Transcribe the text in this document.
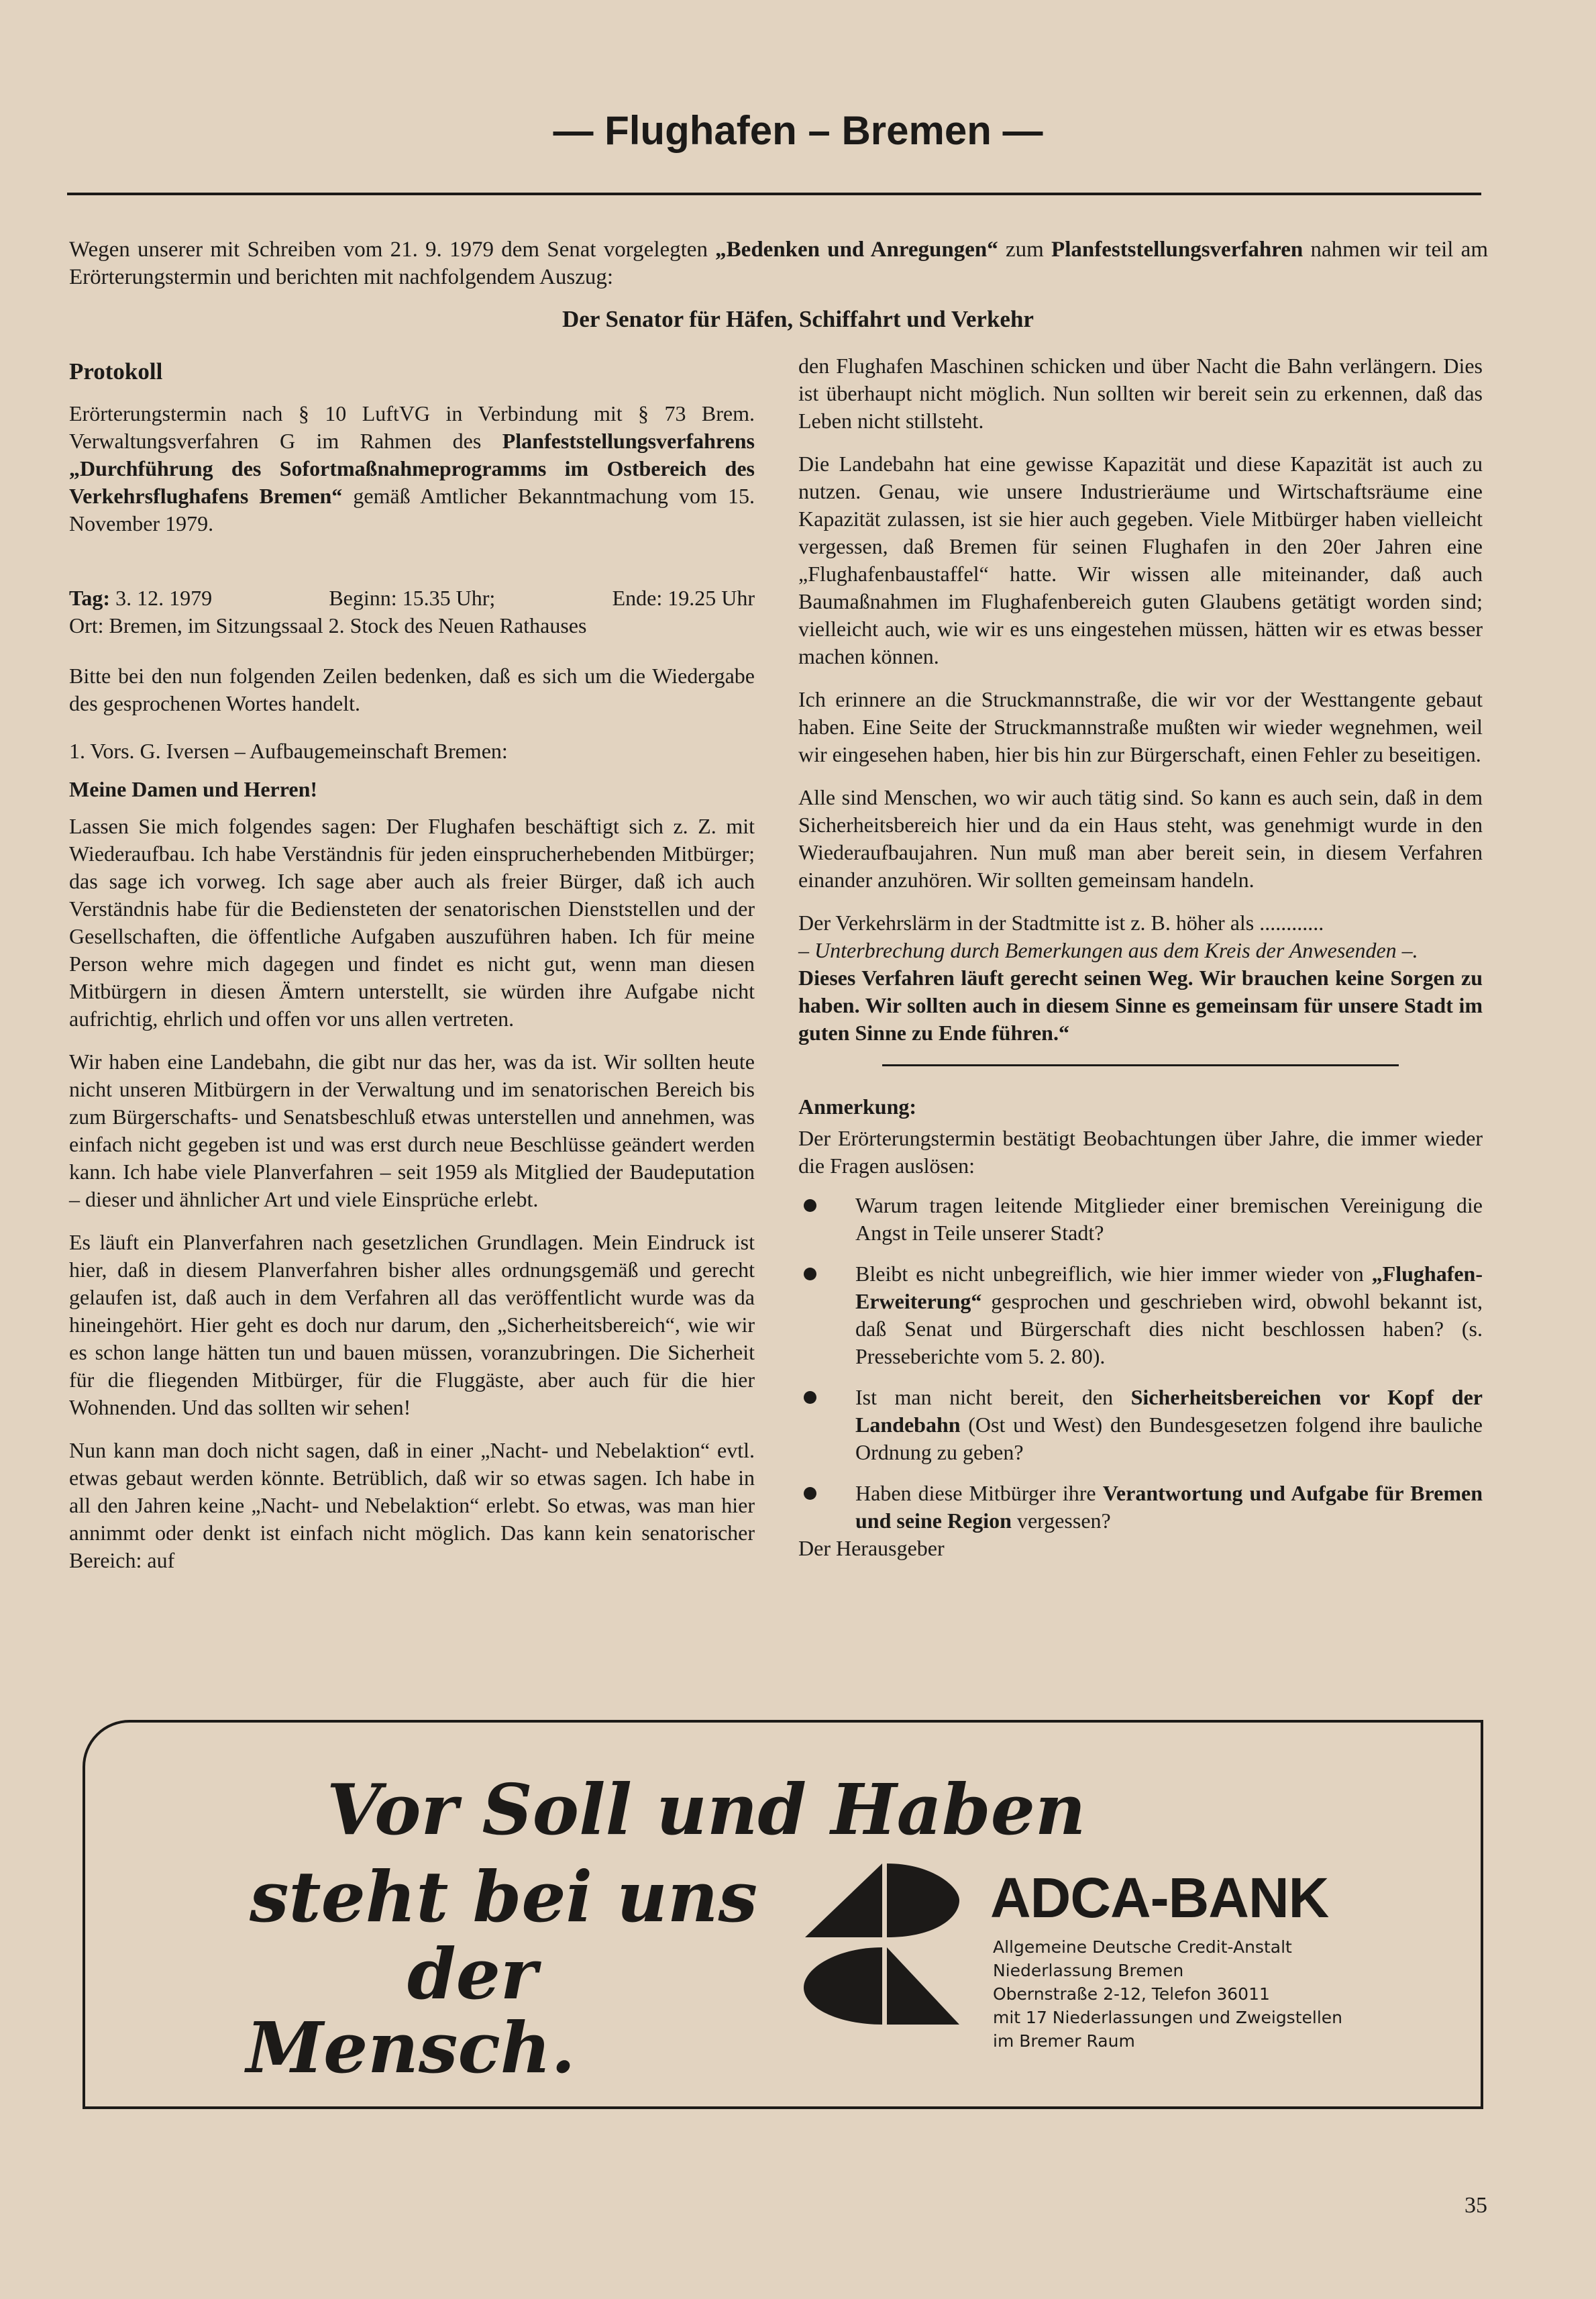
— Flughafen – Bremen —
Wegen unserer mit Schreiben vom 21. 9. 1979 dem Senat vorgelegten „Bedenken und Anregungen“ zum Planfeststellungsverfahren nahmen wir teil am Erörterungstermin und berichten mit nachfolgendem Auszug:
Der Senator für Häfen, Schiffahrt und Verkehr
Protokoll

Erörterungstermin nach § 10 LuftVG in Verbindung mit § 73 Brem. Verwaltungsverfahren G im Rahmen des Planfeststellungsverfahrens „Durchführung des Sofortmaßnahmeprogramms im Ostbereich des Verkehrsflughafens Bremen“ gemäß Amtlicher Bekanntmachung vom 15. November 1979.

Tag: 3. 12. 1979	Beginn: 15.35 Uhr;	Ende: 19.25 Uhr

Ort: Bremen, im Sitzungssaal 2. Stock des Neuen Rathauses

Bitte bei den nun folgenden Zeilen bedenken, daß es sich um die Wiedergabe des gesprochenen Wortes handelt.

1. Vors. G. Iversen – Aufbaugemeinschaft Bremen:

Meine Damen und Herren!

Lassen Sie mich folgendes sagen: Der Flughafen beschäftigt sich z. Z. mit Wiederaufbau. Ich habe Verständnis für jeden einsprucherhebenden Mitbürger; das sage ich vorweg. Ich sage aber auch als freier Bürger, daß ich auch Verständnis habe für die Bediensteten der senatorischen Dienststellen und der Gesellschaften, die öffentliche Aufgaben auszuführen haben. Ich für meine Person wehre mich dagegen und findet es nicht gut, wenn man diesen Mitbürgern in diesen Ämtern unterstellt, sie würden ihre Aufgabe nicht aufrichtig, ehrlich und offen vor uns allen vertreten.

Wir haben eine Landebahn, die gibt nur das her, was da ist. Wir sollten heute nicht unseren Mitbürgern in der Verwaltung und im senatorischen Bereich bis zum Bürgerschafts- und Senatsbeschluß etwas unterstellen und annehmen, was einfach nicht gegeben ist und was erst durch neue Beschlüsse geändert werden kann. Ich habe viele Planverfahren – seit 1959 als Mitglied der Baudeputation – dieser und ähnlicher Art und viele Einsprüche erlebt.

Es läuft ein Planverfahren nach gesetzlichen Grundlagen. Mein Eindruck ist hier, daß in diesem Planverfahren bisher alles ordnungsgemäß und gerecht gelaufen ist, daß auch in dem Verfahren all das veröffentlicht wurde was da hineingehört. Hier geht es doch nur darum, den „Sicherheitsbereich“, wie wir es schon lange hätten tun und bauen müssen, voranzubringen. Die Sicherheit für die fliegenden Mitbürger, für die Fluggäste, aber auch für die hier Wohnenden. Und das sollten wir sehen!

Nun kann man doch nicht sagen, daß in einer „Nacht- und Nebelaktion“ evtl. etwas gebaut werden könnte. Betrüblich, daß wir so etwas sagen. Ich habe in all den Jahren keine „Nacht- und Nebelaktion“ erlebt. So etwas, was man hier annimmt oder denkt ist einfach nicht möglich. Das kann kein senatorischer Bereich: auf

den Flughafen Maschinen schicken und über Nacht die Bahn verlängern. Dies ist überhaupt nicht möglich. Nun sollten wir bereit sein zu erkennen, daß das Leben nicht stillsteht.

Die Landebahn hat eine gewisse Kapazität und diese Kapazität ist auch zu nutzen. Genau, wie unsere Industrieräume und Wirtschaftsräume eine Kapazität zulassen, ist sie hier auch gegeben. Viele Mitbürger haben vielleicht vergessen, daß Bremen für seinen Flughafen in den 20er Jahren eine „Flughafenbaustaffel“ hatte. Wir wissen alle miteinander, daß auch Baumaßnahmen im Flughafenbereich guten Glaubens getätigt worden sind; vielleicht auch, wie wir es uns eingestehen müssen, hätten wir es etwas besser machen können.

Ich erinnere an die Struckmannstraße, die wir vor der Westtangente gebaut haben. Eine Seite der Struckmannstraße mußten wir wieder wegnehmen, weil wir eingesehen haben, hier bis hin zur Bürgerschaft, einen Fehler zu beseitigen.

Alle sind Menschen, wo wir auch tätig sind. So kann es auch sein, daß in dem Sicherheitsbereich hier und da ein Haus steht, was genehmigt wurde in den Wiederaufbaujahren. Nun muß man aber bereit sein, in diesem Verfahren einander anzuhören. Wir sollten gemeinsam handeln.

Der Verkehrslärm in der Stadtmitte ist z. B. höher als ............

– Unterbrechung durch Bemerkungen aus dem Kreis der Anwesenden –.

Dieses Verfahren läuft gerecht seinen Weg. Wir brauchen keine Sorgen zu haben. Wir sollten auch in diesem Sinne es gemeinsam für unsere Stadt im guten Sinne zu Ende führen.“

Anmerkung:

Der Erörterungstermin bestätigt Beobachtungen über Jahre, die immer wieder die Fragen auslösen:

Warum tragen leitende Mitglieder einer bremischen Vereinigung die Angst in Teile unserer Stadt?
Bleibt es nicht unbegreiflich, wie hier immer wieder von „Flughafen-Erweiterung“ gesprochen und geschrieben wird, obwohl bekannt ist, daß Senat und Bürgerschaft dies nicht beschlossen haben? (s. Presseberichte vom 5. 2. 80).
Ist man nicht bereit, den Sicherheitsbereichen vor Kopf der Landebahn (Ost und West) den Bundesgesetzen folgend ihre bauliche Ordnung zu geben?
Haben diese Mitbürger ihre Verantwortung und Aufgabe für Bremen und seine Region vergessen?

Der Herausgeber

Vor Soll und Haben
steht bei uns
der
Mensch.
ADCA-BANK
Allgemeine Deutsche Credit-Anstalt
Niederlassung Bremen
Obernstraße 2-12, Telefon 36011
mit 17 Niederlassungen und Zweigstellen
im Bremer Raum
35
